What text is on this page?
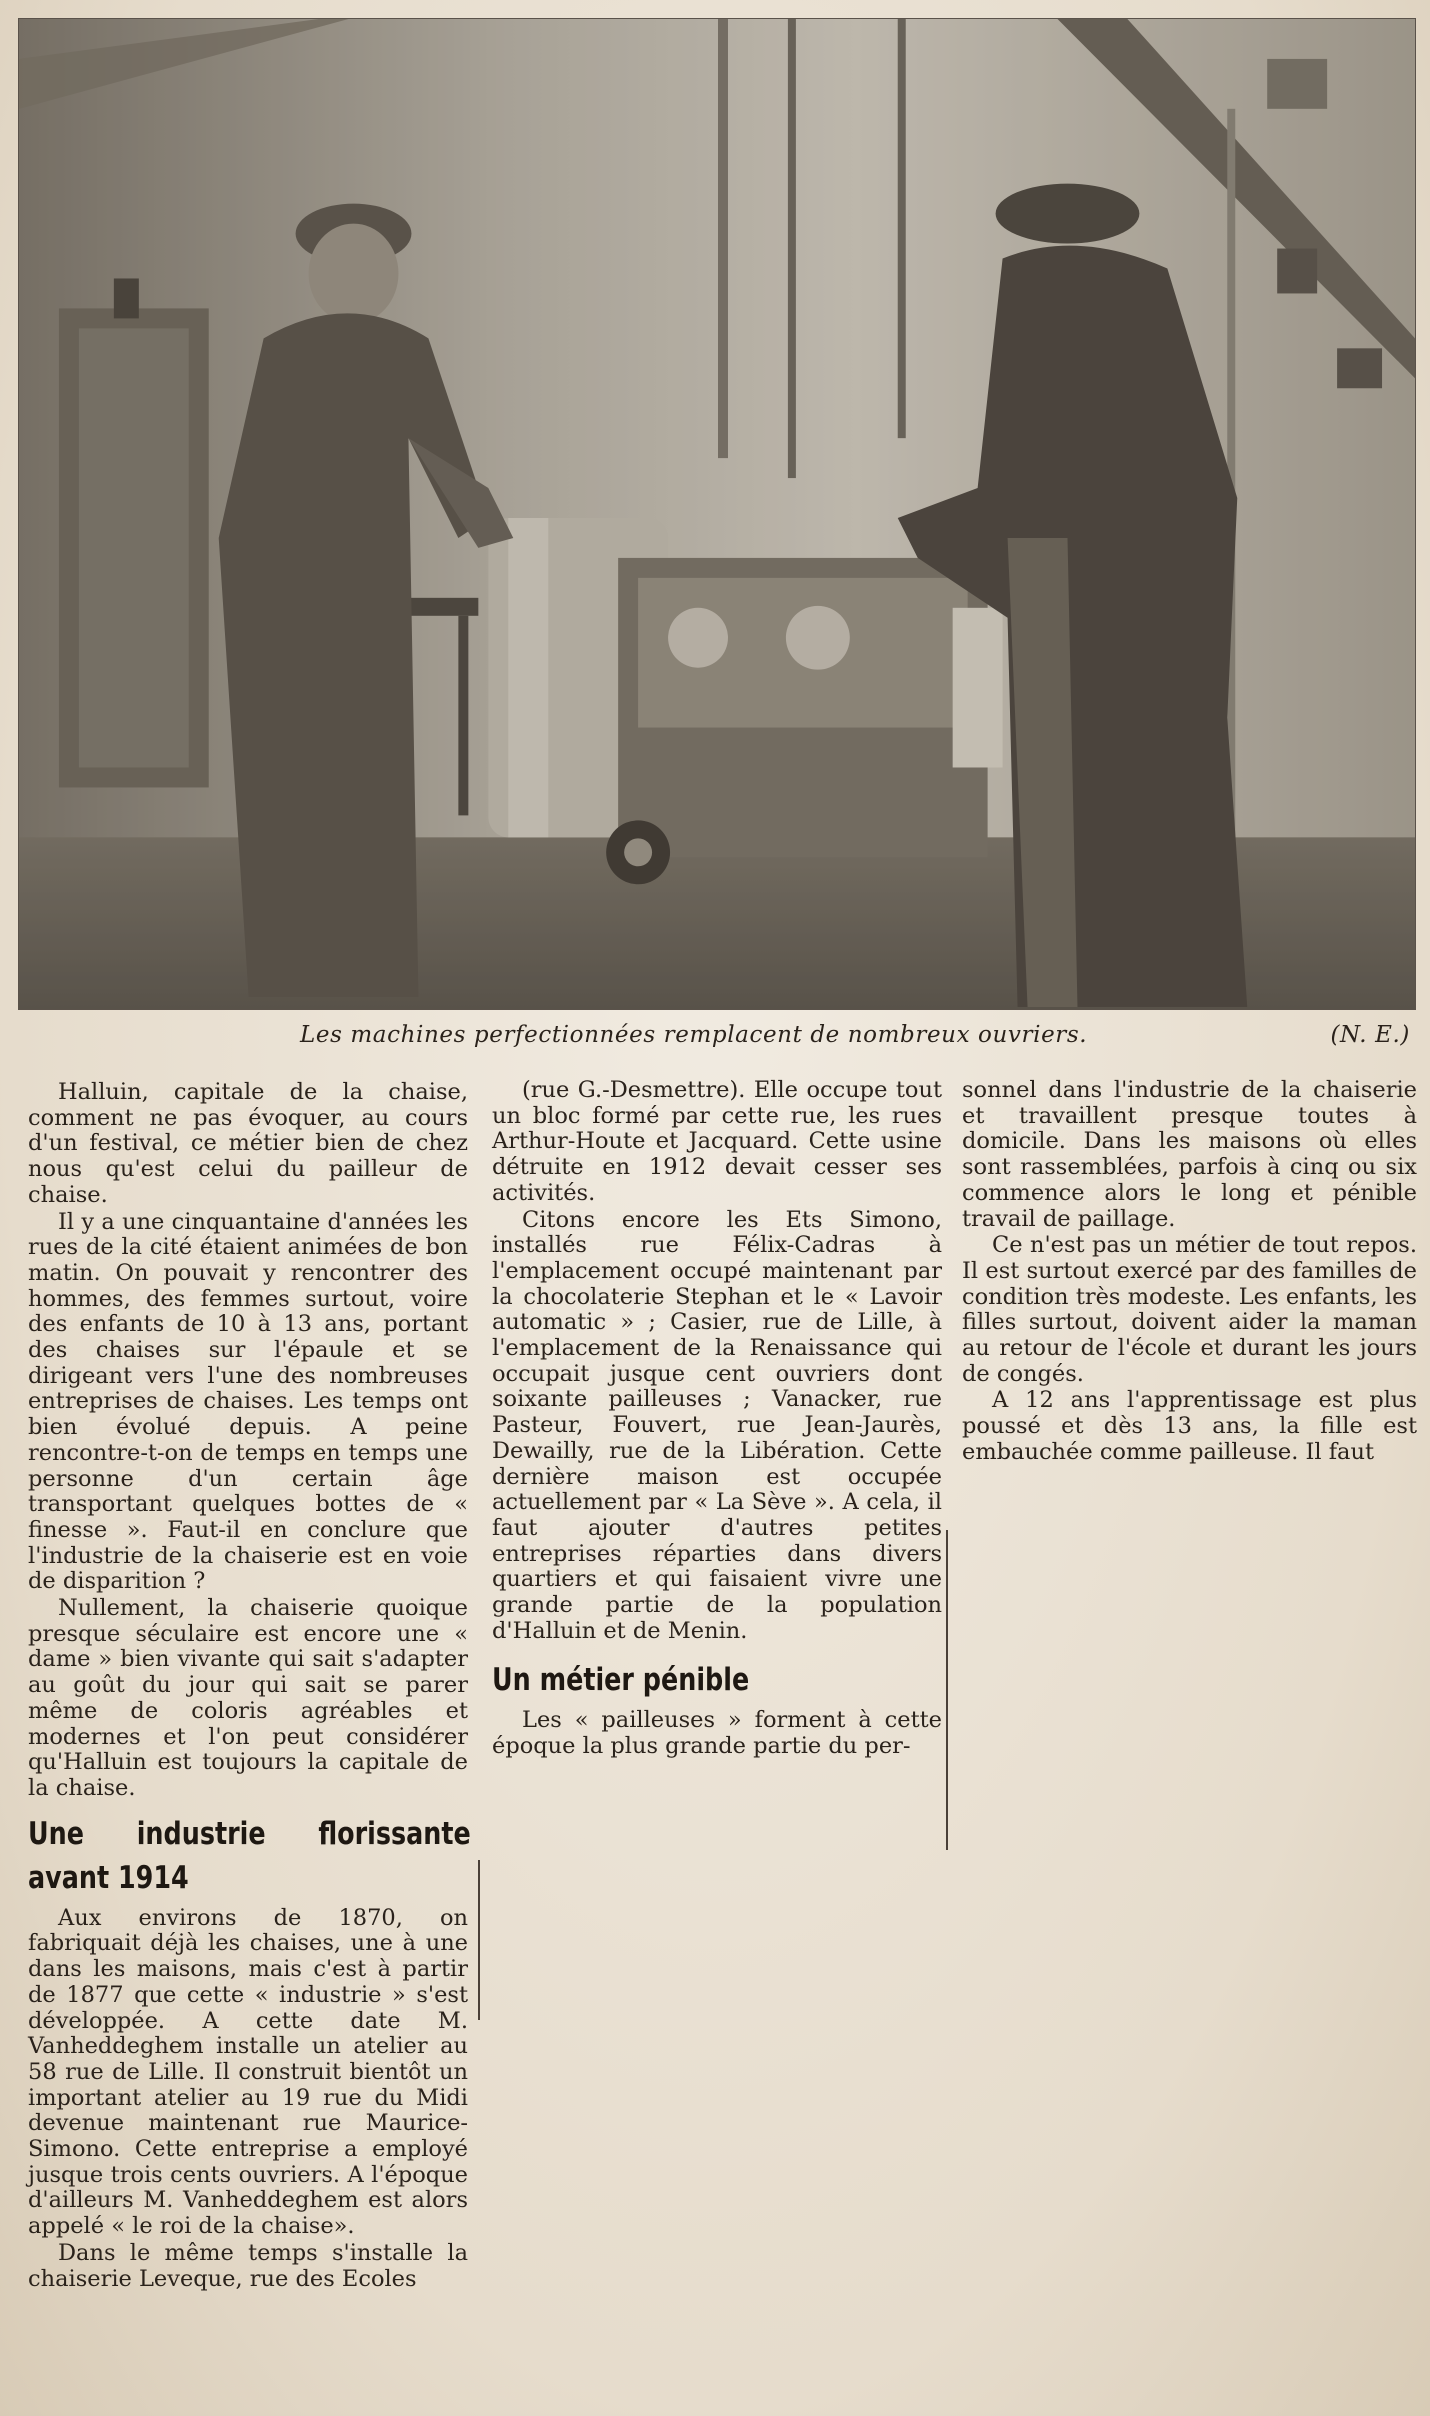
Les machines perfectionnées remplacent de nombreux ouvriers.	(N. E.)

Halluin, capitale de la chaise, comment ne pas évoquer, au cours d'un festival, ce métier bien de chez nous qu'est celui du pailleur de chaise.

Il y a une cinquantaine d'années les rues de la cité étaient animées de bon matin. On pouvait y rencontrer des hommes, des femmes surtout, voire des enfants de 10 à 13 ans, portant des chaises sur l'épaule et se dirigeant vers l'une des nombreuses entreprises de chaises. Les temps ont bien évolué depuis. A peine rencontre-t-on de temps en temps une personne d'un certain âge transportant quelques bottes de « finesse ». Faut-il en conclure que l'industrie de la chaiserie est en voie de disparition ?

Nullement, la chaiserie quoique presque séculaire est encore une « dame » bien vivante qui sait s'adapter au goût du jour qui sait se parer même de coloris agréables et modernes et l'on peut considérer qu'Halluin est toujours la capitale de la chaise.

Une industrie florissante avant 1914

Aux environs de 1870, on fabriquait déjà les chaises, une à une dans les maisons, mais c'est à partir de 1877 que cette « industrie » s'est développée. A cette date M. Vanheddeghem installe un atelier au 58 rue de Lille. Il construit bientôt un important atelier au 19 rue du Midi devenue maintenant rue Maurice-Simono. Cette entreprise a employé jusque trois cents ouvriers. A l'époque d'ailleurs M. Vanheddeghem est alors appelé « le roi de la chaise».

Dans le même temps s'installe la chaiserie Leveque, rue des Ecoles

(rue G.-Desmettre). Elle occupe tout un bloc formé par cette rue, les rues Arthur-Houte et Jacquard. Cette usine détruite en 1912 devait cesser ses activités.

Citons encore les Ets Simono, installés rue Félix-Cadras à l'emplacement occupé maintenant par la chocolaterie Stephan et le « Lavoir automatic » ; Casier, rue de Lille, à l'emplacement de la Renaissance qui occupait jusque cent ouvriers dont soixante pailleuses ; Vanacker, rue Pasteur, Fouvert, rue Jean-Jaurès, Dewailly, rue de la Libération. Cette dernière maison est occupée actuellement par « La Sève ». A cela, il faut ajouter d'autres petites entreprises réparties dans divers quartiers et qui faisaient vivre une grande partie de la population d'Halluin et de Menin.

Un métier pénible

Les « pailleuses » forment à cette époque la plus grande partie du per-

sonnel dans l'industrie de la chaiserie et travaillent presque toutes à domicile. Dans les maisons où elles sont rassemblées, parfois à cinq ou six commence alors le long et pénible travail de paillage.

Ce n'est pas un métier de tout repos. Il est surtout exercé par des familles de condition très modeste. Les enfants, les filles surtout, doivent aider la maman au retour de l'école et durant les jours de congés.

A 12 ans l'apprentissage est plus poussé et dès 13 ans, la fille est embauchée comme pailleuse. Il faut
